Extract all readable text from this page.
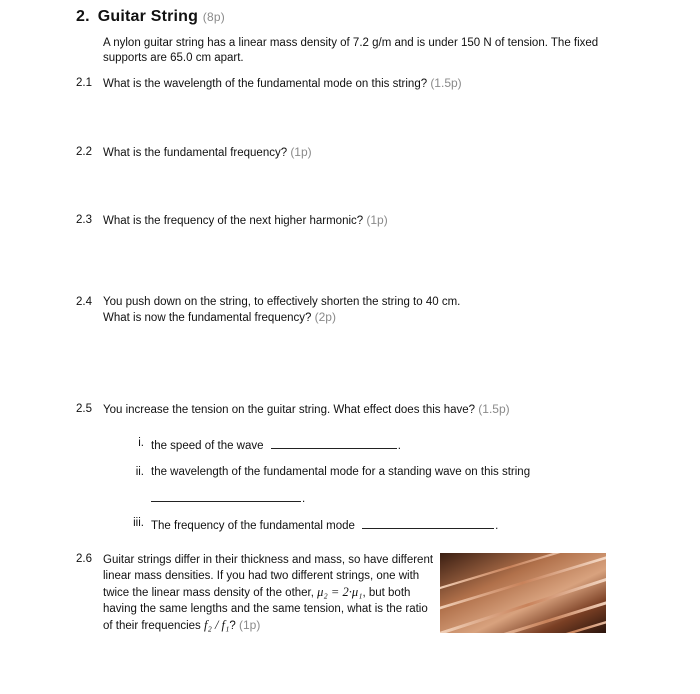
2. Guitar String (8p)
A nylon guitar string has a linear mass density of 7.2 g/m and is under 150 N of tension. The fixed supports are 65.0 cm apart.
2.1 What is the wavelength of the fundamental mode on this string? (1.5p)
2.2 What is the fundamental frequency? (1p)
2.3 What is the frequency of the next higher harmonic? (1p)
2.4 You push down on the string, to effectively shorten the string to 40 cm.
What is now the fundamental frequency? (2p)
2.5 You increase the tension on the guitar string. What effect does this have? (1.5p)
i. the speed of the wave	.
ii. the wavelength of the fundamental mode for a standing wave on this string
.
iii. The frequency of the fundamental mode	.
2.6 Guitar strings differ in their thickness and mass, so have different linear mass densities. If you had two different strings, one with twice the linear mass density of the other, μ₂ = 2·μ₁, but both having the same lengths and the same tension, what is the ratio of their frequencies f₂ / f₁? (1p)
